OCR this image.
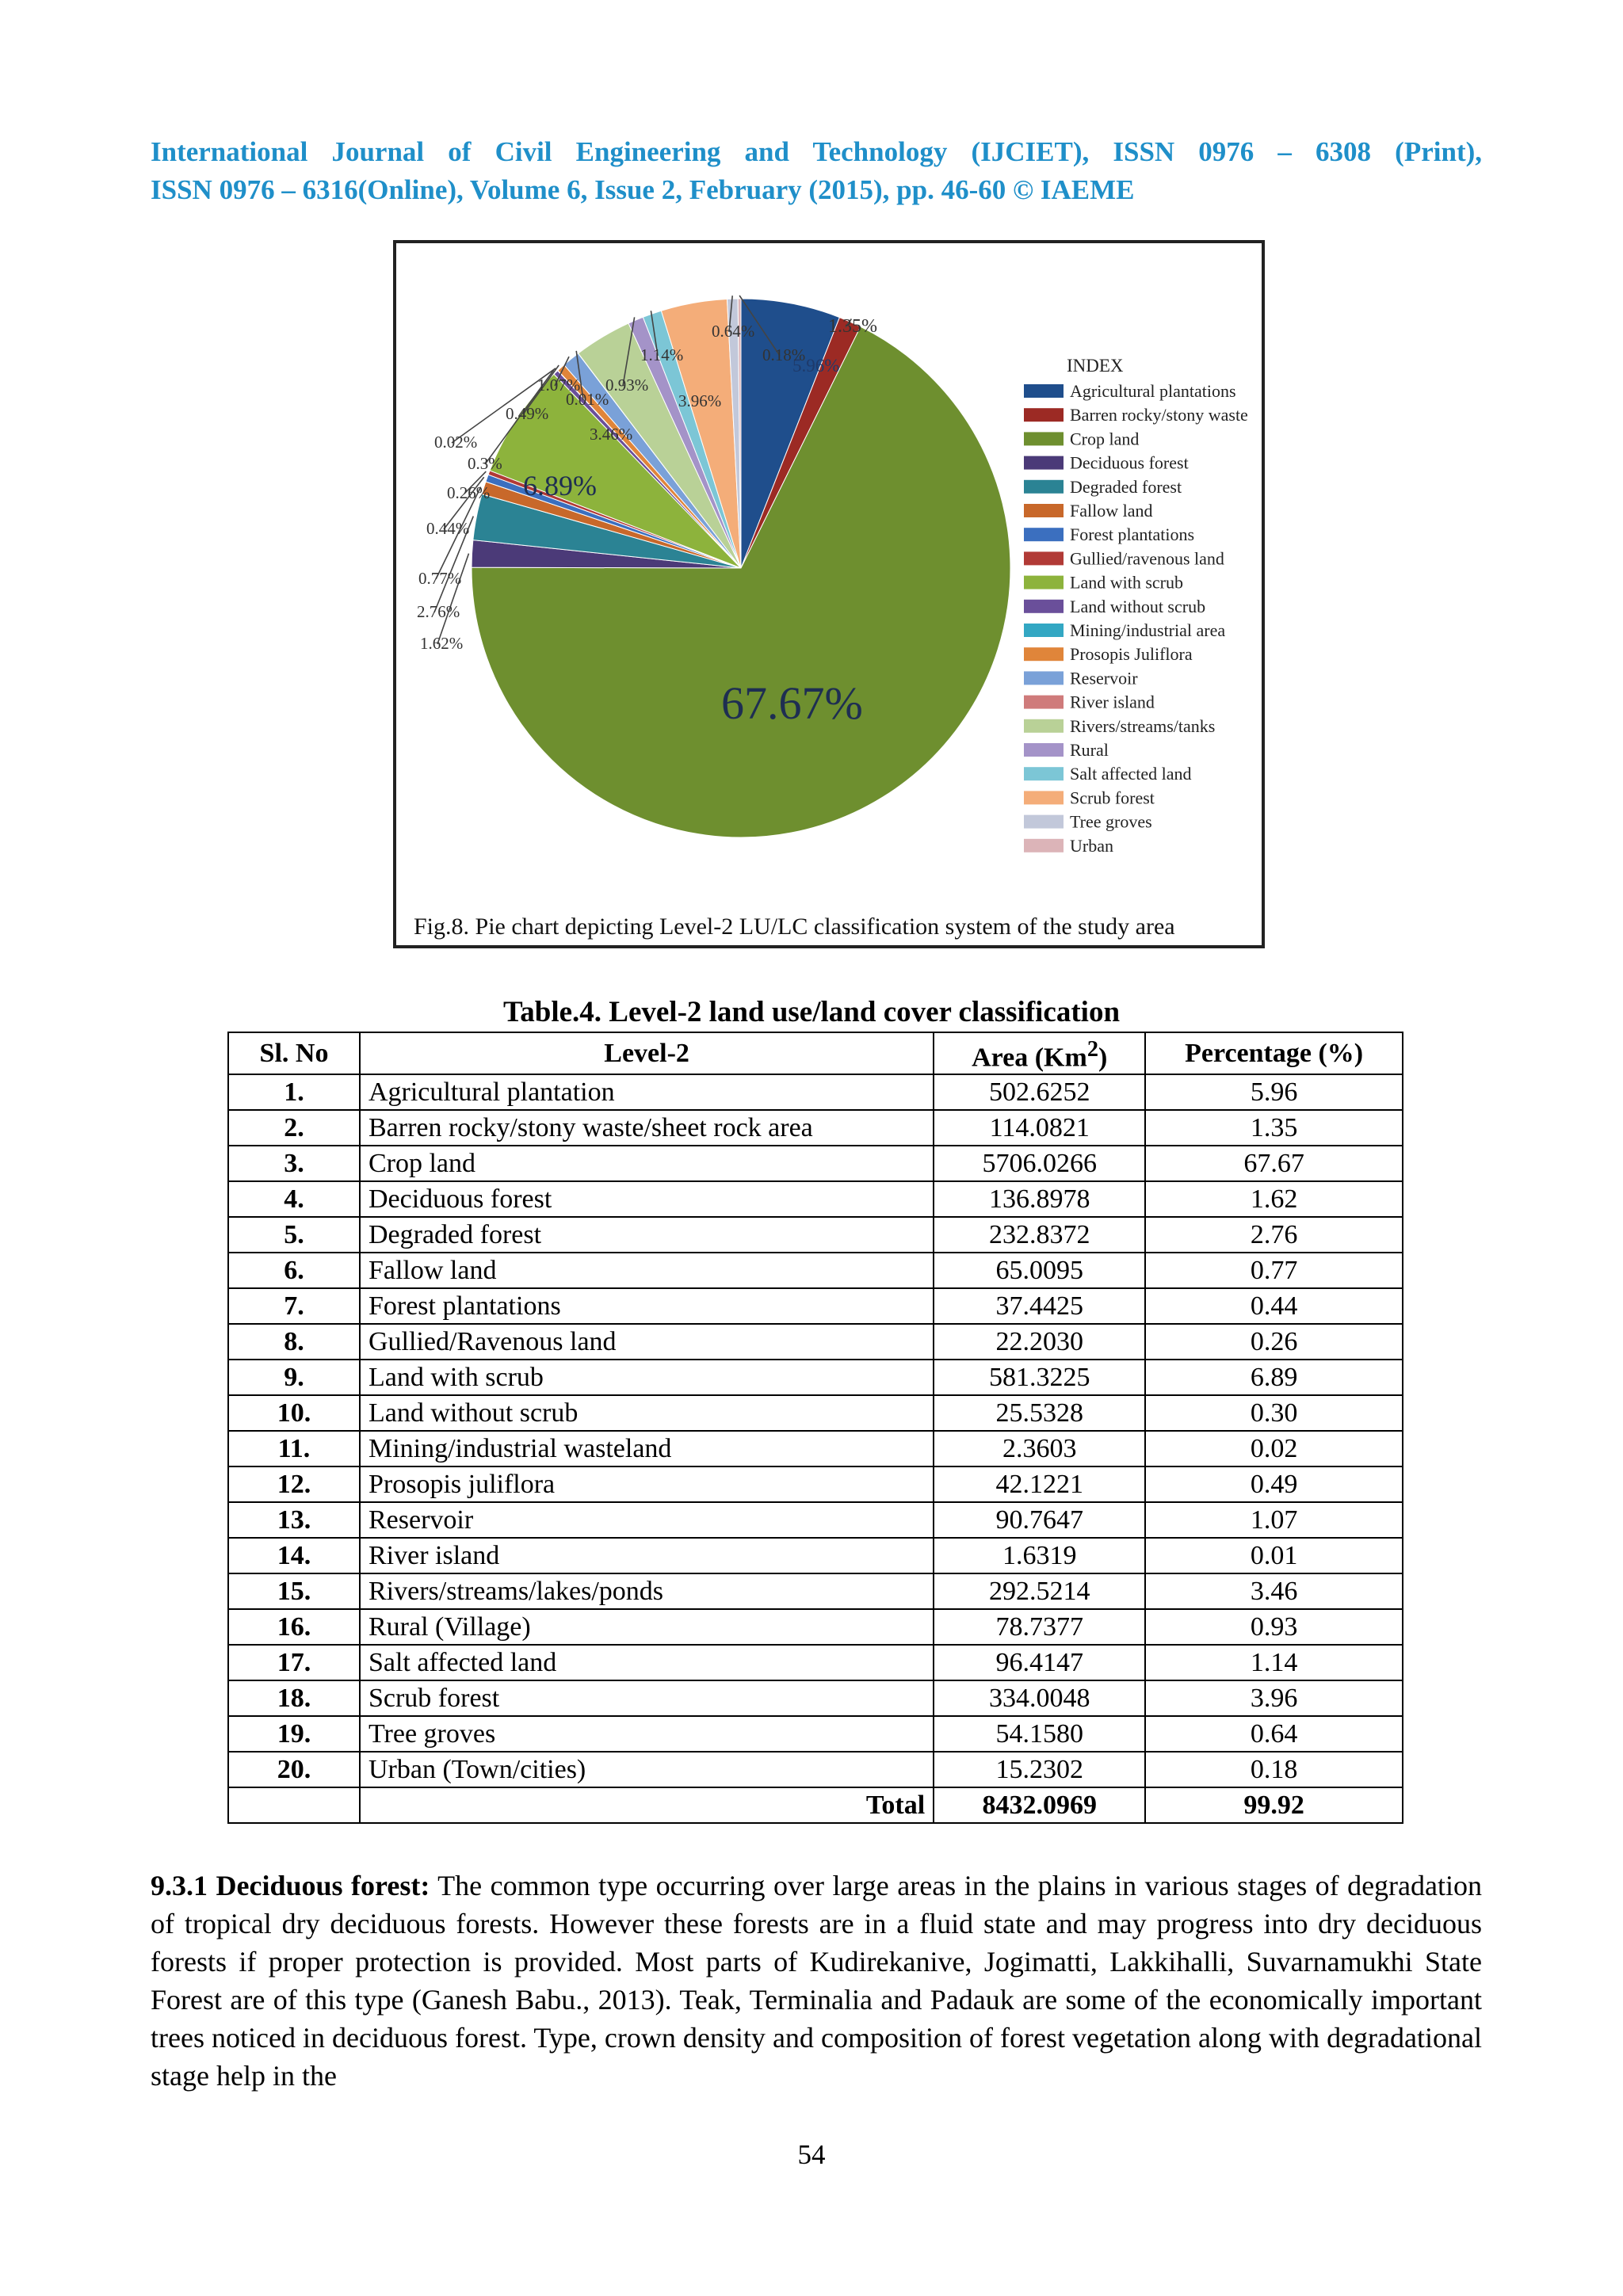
International Journal of Civil Engineering and Technology (IJCIET), ISSN 0976 – 6308 (Print),
ISSN 0976 – 6316(Online), Volume 6, Issue 2, February (2015), pp. 46-60 © IAEME
5.96%
1.35%
67.67%
1.62%
2.76%
0.77%
0.44%
0.26% 6.89%
0.3%
0.02%
0.49%
1.07%
0.01%
3.46%
0.93%
1.14%
3.96%
0.64%
0.18%
INDEX
Agricultural plantations
Barren rocky/stony waste
Crop land
Deciduous forest
Degraded forest
Fallow land
Forest plantations
Gullied/ravenous land
Land with scrub
Land without scrub
Mining/industrial area
Prosopis Juliflora
Reservoir
River island
Rivers/streams/tanks
Rural
Salt affected land
Scrub forest
Tree groves
Urban
Fig.8. Pie chart depicting Level-2 LU/LC classification system of the study area
Table.4. Level-2 land use/land cover classification
Sl. No	Level-2	Area (Km$^2$)	Percentage (%)
1.	Agricultural plantation	502.6252	5.96
2.	Barren rocky/stony waste/sheet rock area	114.0821	1.35
3.	Crop land	5706.0266	67.67
4.	Deciduous forest	136.8978	1.62
5.	Degraded forest	232.8372	2.76
6.	Fallow land	65.0095	0.77
7.	Forest plantations	37.4425	0.44
8.	Gullied/Ravenous land	22.2030	0.26
9.	Land with scrub	581.3225	6.89
10.	Land without scrub	25.5328	0.30
11.	Mining/industrial wasteland	2.3603	0.02
12.	Prosopis juliflora	42.1221	0.49
13.	Reservoir	90.7647	1.07
14.	River island	1.6319	0.01
15.	Rivers/streams/lakes/ponds	292.5214	3.46
16.	Rural (Village)	78.7377	0.93
17.	Salt affected land	96.4147	1.14
18.	Scrub forest	334.0048	3.96
19.	Tree groves	54.1580	0.64
20.	Urban (Town/cities)	15.2302	0.18
	Total	8432.0969	99.92
9.3.1 Deciduous forest: The common type occurring over large areas in the plains in various stages of degradation of tropical dry deciduous forests. However these forests are in a fluid state and may progress into dry deciduous forests if proper protection is provided. Most parts of Kudirekanive, Jogimatti, Lakkihalli, Suvarnamukhi State Forest are of this type (Ganesh Babu., 2013). Teak, Terminalia and Padauk are some of the economically important trees noticed in deciduous forest. Type, crown density and composition of forest vegetation along with degradational stage help in the
54
